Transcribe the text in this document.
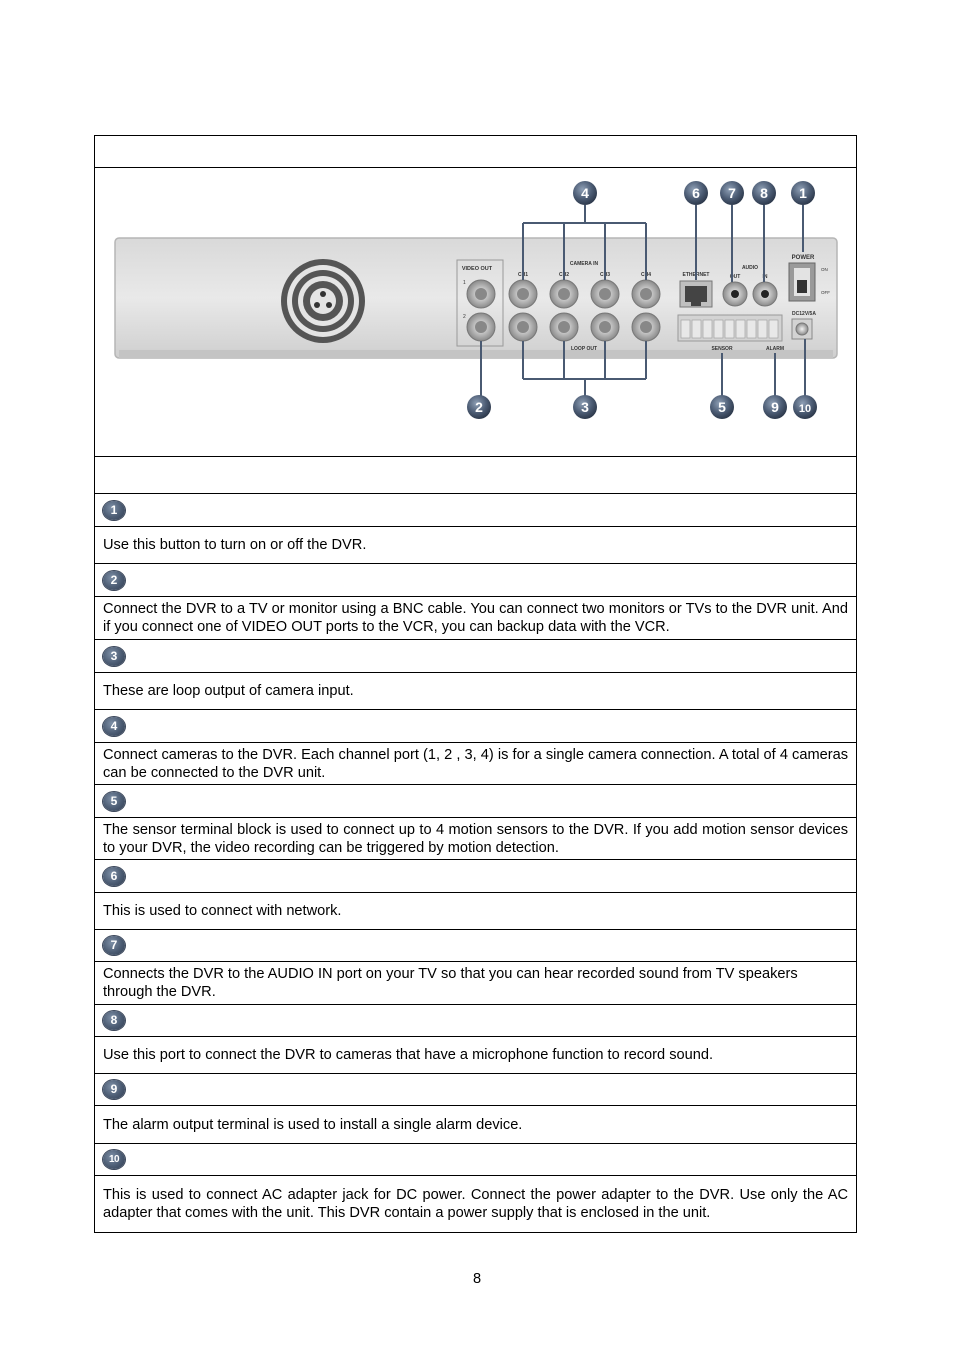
VIDEO OUT
1
2
CAMERA IN
CH1	CH2	CH3	CH4
LOOP OUT
ETHERNET
AUDIO
OUT	IN
SENSOR	ALARM
POWER
ON
OFF
DC12V/5A
4	6 7 8 1
2	3	5	9 10
1
Use this button to turn on or off the DVR.
2
Connect the DVR to a TV or monitor using a BNC cable. You can connect two monitors or TVs to the DVR unit. And if you connect one of VIDEO OUT ports to the VCR, you can backup data with the VCR.
3
These are loop output of camera input.
4
Connect cameras to the DVR. Each channel port (1, 2 , 3, 4) is for a single camera connection. A total of 4 cameras can be connected to the DVR unit.
5
The sensor terminal block is used to connect up to 4 motion sensors to the DVR. If you add motion sensor devices to your DVR, the video recording can be triggered by motion detection.
6
This is used to connect with network.
7
Connects the DVR to the AUDIO IN port on your TV so that you can hear recorded sound from TV speakers through the DVR.
8
Use this port to connect the DVR to cameras that have a microphone function to record sound.
9
The alarm output terminal is used to install a single alarm device.
10
This is used to connect AC adapter jack for DC power. Connect the power adapter to the DVR. Use only the AC adapter that comes with the unit. This DVR contain a power supply that is enclosed in the unit.
8
